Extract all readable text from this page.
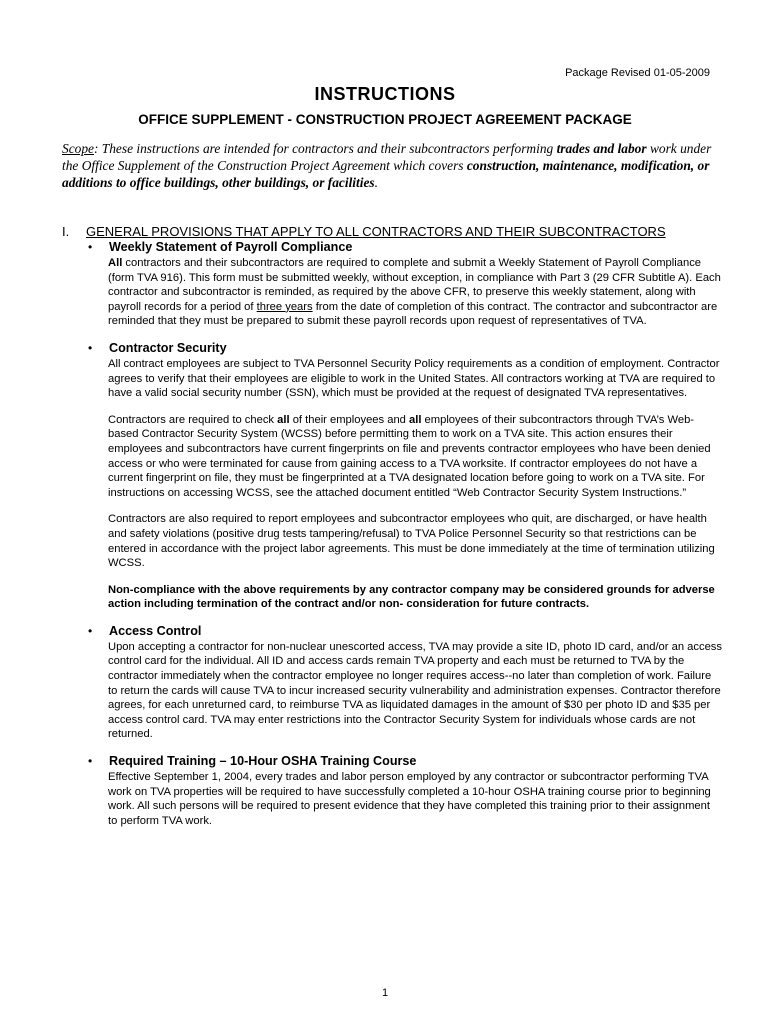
Package Revised 01-05-2009
INSTRUCTIONS
OFFICE SUPPLEMENT - CONSTRUCTION PROJECT AGREEMENT PACKAGE
Scope: These instructions are intended for contractors and their subcontractors performing trades and labor work under the Office Supplement of the Construction Project Agreement which covers construction, maintenance, modification, or additions to office buildings, other buildings, or facilities.
I. GENERAL PROVISIONS THAT APPLY TO ALL CONTRACTORS AND THEIR SUBCONTRACTORS
• Weekly Statement of Payroll Compliance
All contractors and their subcontractors are required to complete and submit a Weekly Statement of Payroll Compliance (form TVA 916). This form must be submitted weekly, without exception, in compliance with Part 3 (29 CFR Subtitle A). Each contractor and subcontractor is reminded, as required by the above CFR, to preserve this weekly statement, along with payroll records for a period of three years from the date of completion of this contract. The contractor and subcontractor are reminded that they must be prepared to submit these payroll records upon request of representatives of TVA.
• Contractor Security
All contract employees are subject to TVA Personnel Security Policy requirements as a condition of employment. Contractor agrees to verify that their employees are eligible to work in the United States. All contractors working at TVA are required to have a valid social security number (SSN), which must be provided at the request of designated TVA representatives.
Contractors are required to check all of their employees and all employees of their subcontractors through TVA’s Web-based Contractor Security System (WCSS) before permitting them to work on a TVA site. This action ensures their employees and subcontractors have current fingerprints on file and prevents contractor employees who have been denied access or who were terminated for cause from gaining access to a TVA worksite. If contractor employees do not have a current fingerprint on file, they must be fingerprinted at a TVA designated location before going to work on a TVA site. For instructions on accessing WCSS, see the attached document entitled “Web Contractor Security System Instructions.”
Contractors are also required to report employees and subcontractor employees who quit, are discharged, or have health and safety violations (positive drug tests tampering/refusal) to TVA Police Personnel Security so that restrictions can be entered in accordance with the project labor agreements. This must be done immediately at the time of termination utilizing WCSS.
Non-compliance with the above requirements by any contractor company may be considered grounds for adverse action including termination of the contract and/or non- consideration for future contracts.
• Access Control
Upon accepting a contractor for non-nuclear unescorted access, TVA may provide a site ID, photo ID card, and/or an access control card for the individual. All ID and access cards remain TVA property and each must be returned to TVA by the contractor immediately when the contractor employee no longer requires access--no later than completion of work. Failure to return the cards will cause TVA to incur increased security vulnerability and administration expenses. Contractor therefore agrees, for each unreturned card, to reimburse TVA as liquidated damages in the amount of $30 per photo ID and $35 per access control card. TVA may enter restrictions into the Contractor Security System for individuals whose cards are not returned.
• Required Training – 10-Hour OSHA Training Course
Effective September 1, 2004, every trades and labor person employed by any contractor or subcontractor performing TVA work on TVA properties will be required to have successfully completed a 10-hour OSHA training course prior to beginning work. All such persons will be required to present evidence that they have completed this training prior to their assignment to perform TVA work.
1
